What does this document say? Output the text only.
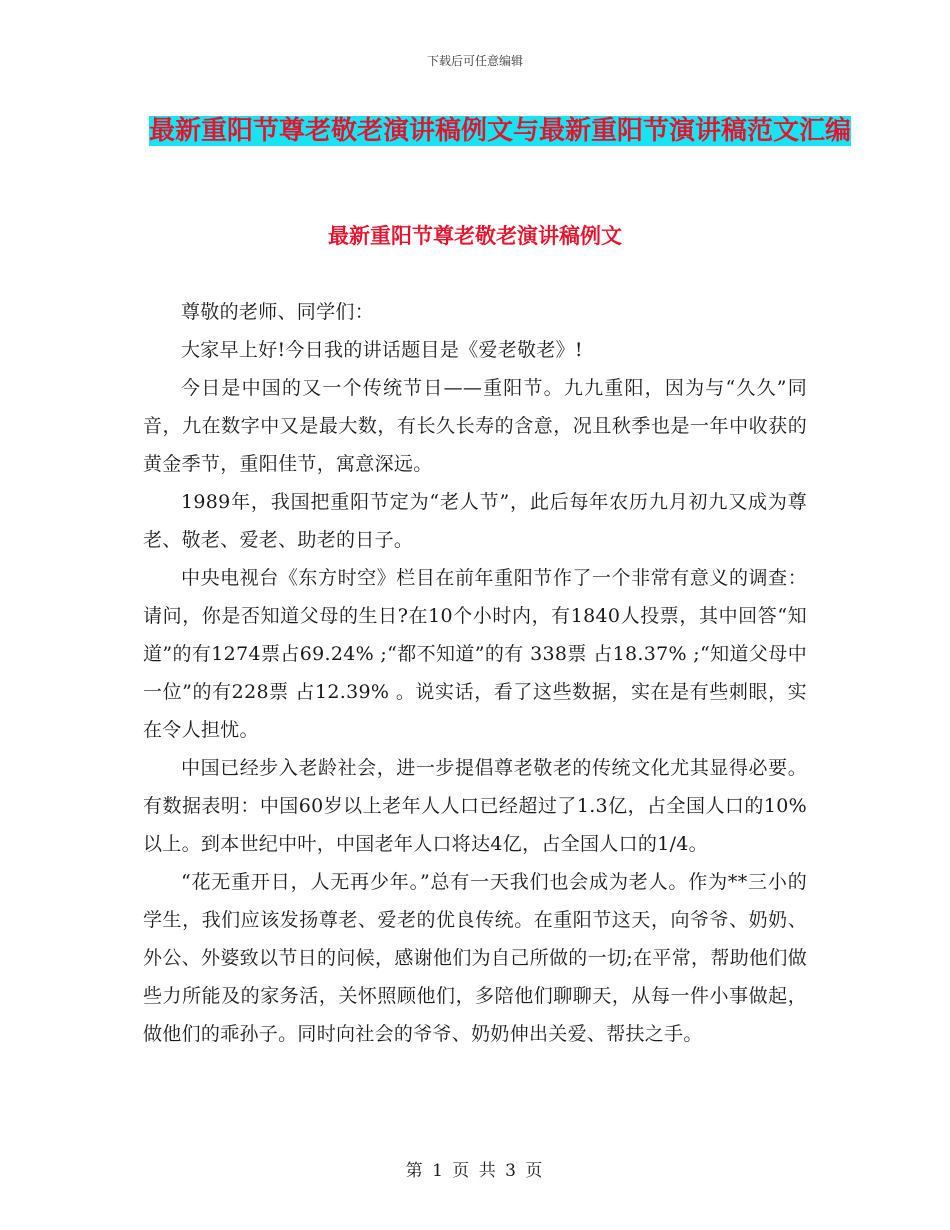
下载后可任意编辑
最新重阳节尊老敬老演讲稿例文与最新重阳节演讲稿范文汇编
最新重阳节尊老敬老演讲稿例文

尊敬的老师、同学们：

大家早上好!今日我的讲话题目是《爱老敬老》!

今日是中国的又一个传统节日——重阳节。九九重阳，因为与“久久”同音，九在数字中又是最大数，有长久长寿的含意，况且秋季也是一年中收获的黄金季节，重阳佳节，寓意深远。

1989年，我国把重阳节定为“老人节”，此后每年农历九月初九又成为尊老、敬老、爱老、助老的日子。

中央电视台《东方时空》栏目在前年重阳节作了一个非常有意义的调查：请问，你是否知道父母的生日?在10个小时内，有1840人投票，其中回答“知道”的有1274票占69.24% ;“都不知道”的有 338票 占18.37% ;“知道父母中一位”的有228票 占12.39% 。说实话，看了这些数据，实在是有些刺眼，实在令人担忧。

中国已经步入老龄社会，进一步提倡尊老敬老的传统文化尤其显得必要。有数据表明：中国60岁以上老年人人口已经超过了1.3亿，占全国人口的10%以上。到本世纪中叶，中国老年人口将达4亿，占全国人口的1/4。

“花无重开日，人无再少年。”总有一天我们也会成为老人。作为**三小的学生，我们应该发扬尊老、爱老的优良传统。在重阳节这天，向爷爷、奶奶、外公、外婆致以节日的问候，感谢他们为自己所做的一切;在平常，帮助他们做些力所能及的家务活，关怀照顾他们，多陪他们聊聊天，从每一件小事做起，做他们的乖孙子。同时向社会的爷爷、奶奶伸出关爱、帮扶之手。

第 1 页 共 3 页
